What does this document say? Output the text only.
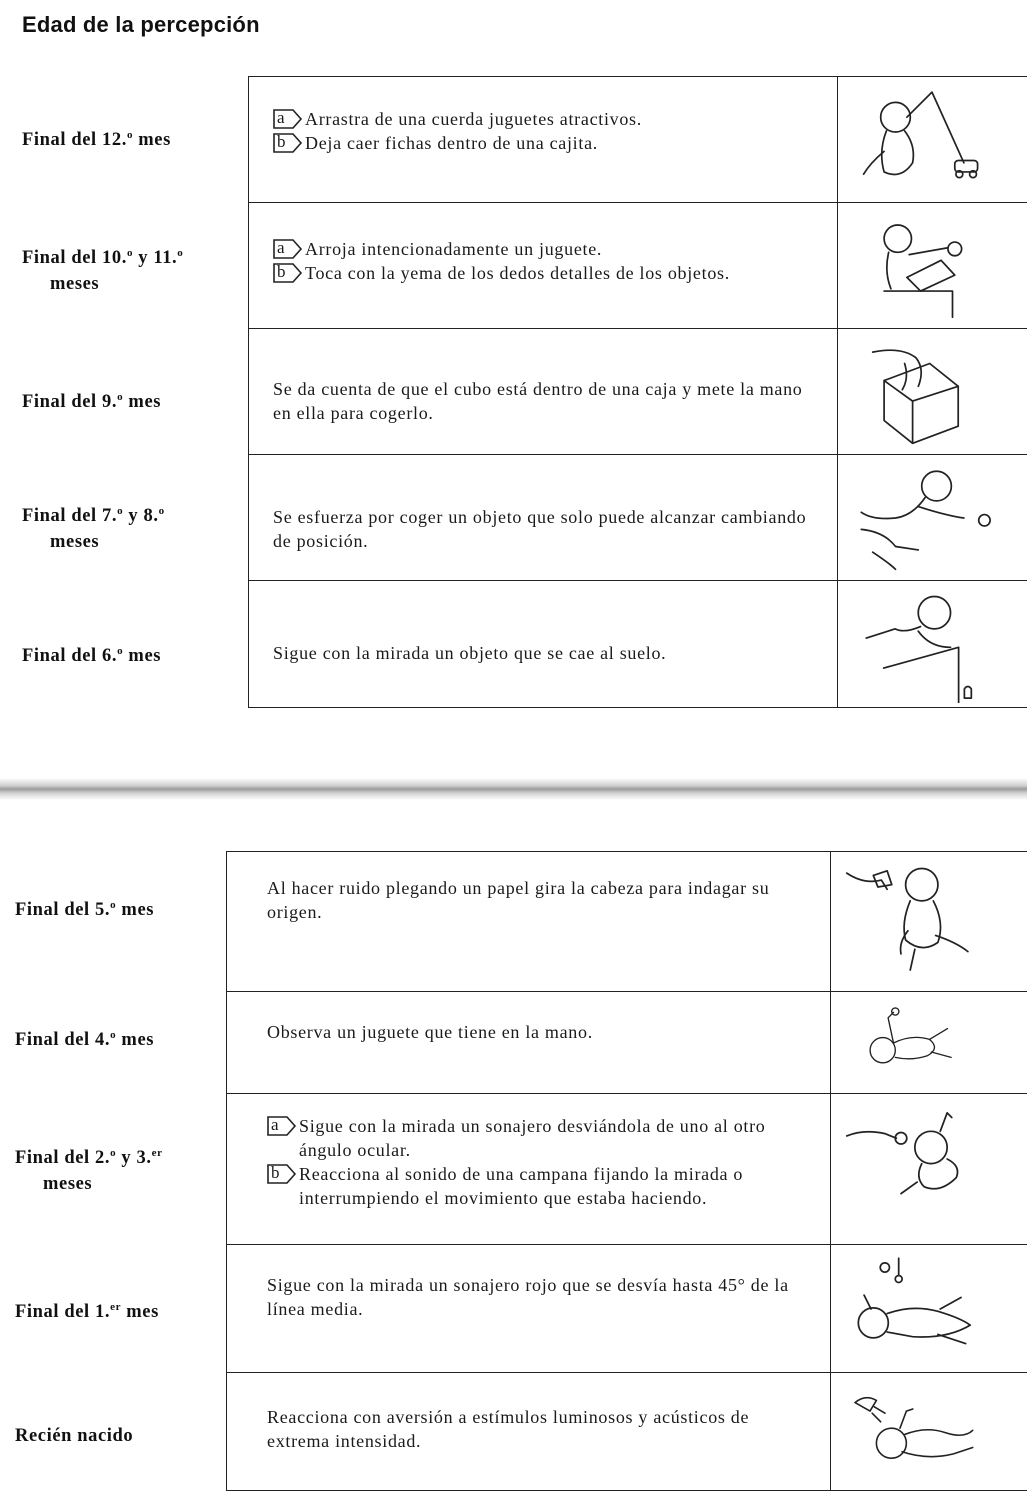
Edad de la percepción
Final del 12.$^o$ mes
Final del 10.$^o$ y 11.$^o$
meses
Final del 9.$^o$ mes
Final del 7.$^o$ y 8.$^o$
meses
Final del 6.$^o$ mes
a Arrastra de una cuerda juguetes atractivos.
b Deja caer fichas dentro de una cajita.
a Arroja intencionadamente un juguete.
b Toca con la yema de los dedos detalles de los objetos.
Se da cuenta de que el cubo está dentro de una caja y mete la mano en ella para cogerlo.
Se esfuerza por coger un objeto que solo puede alcanzar cambiando de posición.
Sigue con la mirada un objeto que se cae al suelo.
Final del 5.$^o$ mes
Final del 4.$^o$ mes
Final del 2.$^o$ y 3.$^{er}$
meses
Final del 1.$^{er}$ mes
Recién nacido
Al hacer ruido plegando un papel gira la cabeza para indagar su origen.
Observa un juguete que tiene en la mano.
a Sigue con la mirada un sonajero desviándola de uno al otro ángulo ocular.
b Reacciona al sonido de una campana fijando la mirada o interrumpiendo el movimiento que estaba haciendo.
Sigue con la mirada un sonajero rojo que se desvía hasta 45° de la línea media.
Reacciona con aversión a estímulos luminosos y acústicos de extrema intensidad.
